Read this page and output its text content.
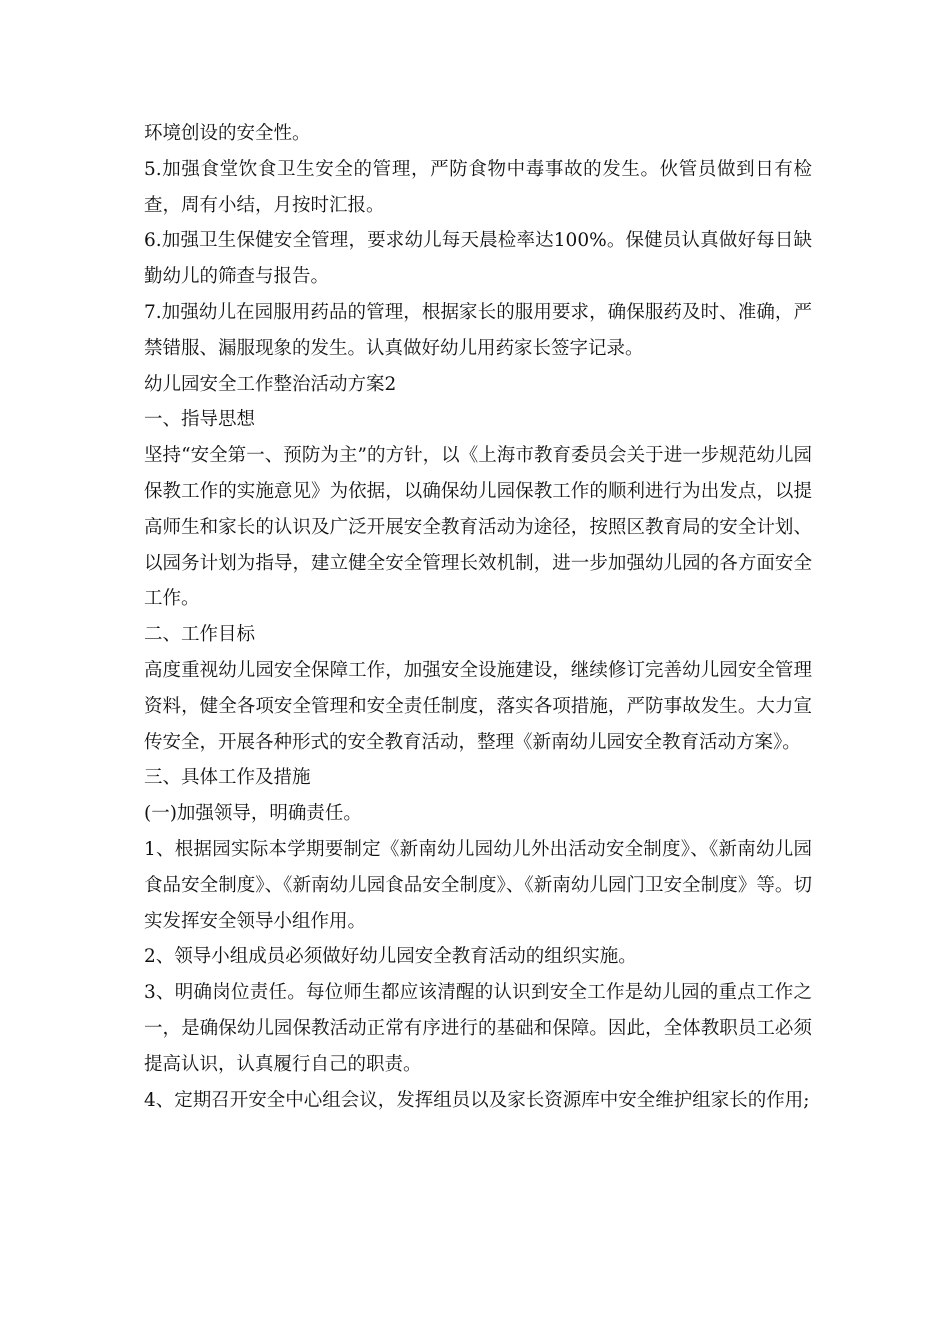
环境创设的安全性。

5.加强食堂饮食卫生安全的管理，严防食物中毒事故的发生。伙管员做到日有检查，周有小结，月按时汇报。

6.加强卫生保健安全管理，要求幼儿每天晨检率达100%。保健员认真做好每日缺勤幼儿的筛查与报告。

7.加强幼儿在园服用药品的管理，根据家长的服用要求，确保服药及时、准确，严禁错服、漏服现象的发生。认真做好幼儿用药家长签字记录。

幼儿园安全工作整治活动方案2

一、指导思想

坚持“安全第一、预防为主”的方针，以《上海市教育委员会关于进一步规范幼儿园保教工作的实施意见》为依据，以确保幼儿园保教工作的顺利进行为出发点，以提高师生和家长的认识及广泛开展安全教育活动为途径，按照区教育局的安全计划、以园务计划为指导，建立健全安全管理长效机制，进一步加强幼儿园的各方面安全工作。

二、工作目标

高度重视幼儿园安全保障工作，加强安全设施建设，继续修订完善幼儿园安全管理资料，健全各项安全管理和安全责任制度，落实各项措施，严防事故发生。大力宣传安全，开展各种形式的安全教育活动，整理《新南幼儿园安全教育活动方案》。

三、具体工作及措施

(一)加强领导，明确责任。

1、根据园实际本学期要制定《新南幼儿园幼儿外出活动安全制度》、《新南幼儿园食品安全制度》、《新南幼儿园食品安全制度》、《新南幼儿园门卫安全制度》等。切实发挥安全领导小组作用。

2、领导小组成员必须做好幼儿园安全教育活动的组织实施。

3、明确岗位责任。每位师生都应该清醒的认识到安全工作是幼儿园的重点工作之一，是确保幼儿园保教活动正常有序进行的基础和保障。因此，全体教职员工必须提高认识，认真履行自己的职责。

4、定期召开安全中心组会议，发挥组员以及家长资源库中安全维护组家长的作用;
